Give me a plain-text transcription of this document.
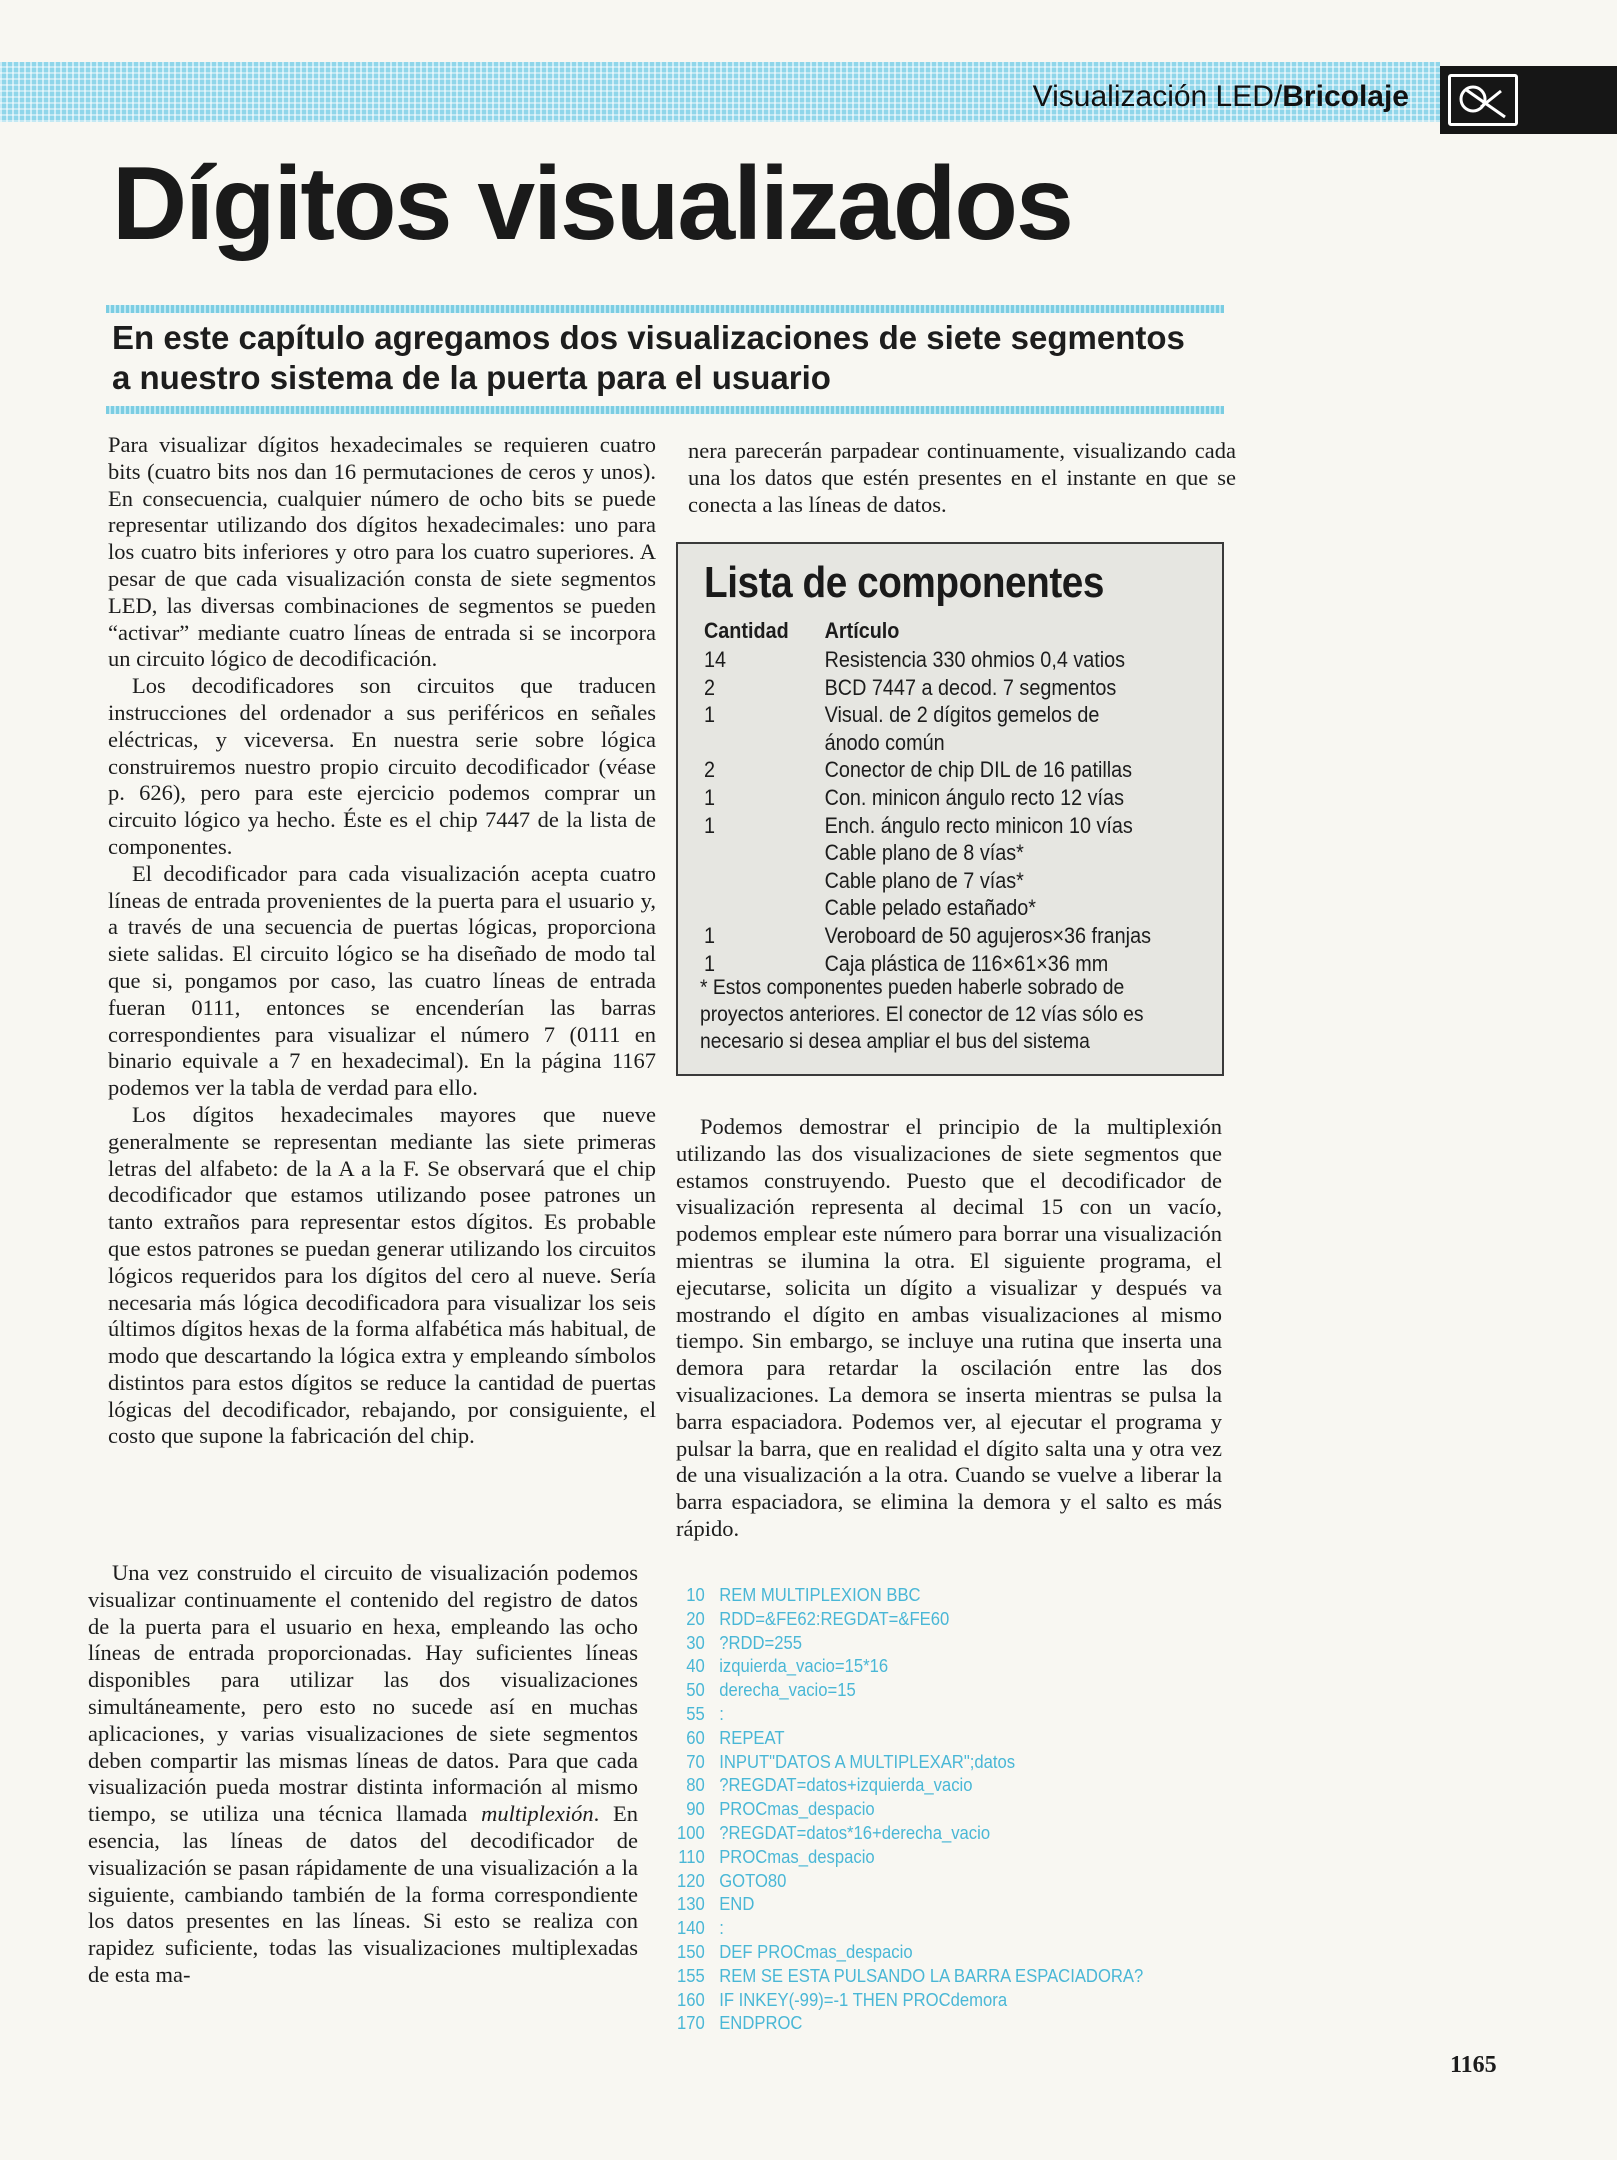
Visualización LED/Bricolaje
Dígitos visualizados
En este capítulo agregamos dos visualizaciones de siete segmentos a nuestro sistema de la puerta para el usuario

Para visualizar dígitos hexadecimales se requieren cuatro bits (cuatro bits nos dan 16 permutaciones de ceros y unos). En consecuencia, cualquier número de ocho bits se puede representar utilizando dos dígitos hexadecimales: uno para los cuatro bits inferiores y otro para los cuatro superiores. A pesar de que cada visualización consta de siete segmentos LED, las diversas combinaciones de segmentos se pueden “activar” mediante cuatro líneas de entrada si se incorpora un circuito lógico de decodificación.

Los decodificadores son circuitos que traducen instrucciones del ordenador a sus periféricos en señales eléctricas, y viceversa. En nuestra serie sobre lógica construiremos nuestro propio circuito decodificador (véase p. 626), pero para este ejercicio podemos comprar un circuito lógico ya hecho. Éste es el chip 7447 de la lista de componentes.

El decodificador para cada visualización acepta cuatro líneas de entrada provenientes de la puerta para el usuario y, a través de una secuencia de puertas lógicas, proporciona siete salidas. El circuito lógico se ha diseñado de modo tal que si, pongamos por caso, las cuatro líneas de entrada fueran 0111, entonces se encenderían las barras correspondientes para visualizar el número 7 (0111 en binario equivale a 7 en hexadecimal). En la página 1167 podemos ver la tabla de verdad para ello.

Los dígitos hexadecimales mayores que nueve generalmente se representan mediante las siete primeras letras del alfabeto: de la A a la F. Se observará que el chip decodificador que estamos utilizando posee patrones un tanto extraños para representar estos dígitos. Es probable que estos patrones se puedan generar utilizando los circuitos lógicos requeridos para los dígitos del cero al nueve. Sería necesaria más lógica decodificadora para visualizar los seis últimos dígitos hexas de la forma alfabética más habitual, de modo que descartando la lógica extra y empleando símbolos distintos para estos dígitos se reduce la cantidad de puertas lógicas del decodificador, rebajando, por consiguiente, el costo que supone la fabricación del chip.

Una vez construido el circuito de visualización podemos visualizar continuamente el contenido del registro de datos de la puerta para el usuario en hexa, empleando las ocho líneas de entrada proporcionadas. Hay suficientes líneas disponibles para utilizar las dos visualizaciones simultáneamente, pero esto no sucede así en muchas aplicaciones, y varias visualizaciones de siete segmentos deben compartir las mismas líneas de datos. Para que cada visualización pueda mostrar distinta información al mismo tiempo, se utiliza una técnica llamada multiplexión. En esencia, las líneas de datos del decodificador de visualización se pasan rápidamente de una visualización a la siguiente, cambiando también de la forma correspondiente los datos presentes en las líneas. Si esto se realiza con rapidez suficiente, todas las visualizaciones multiplexadas de esta ma-

nera parecerán parpadear continuamente, visualizando cada una los datos que estén presentes en el instante en que se conecta a las líneas de datos.

Lista de componentes
Cantidad Artículo
14	Resistencia 330 ohmios 0,4 vatios
2	BCD 7447 a decod. 7 segmentos
1	Visual. de 2 dígitos gemelos de
ánodo común
2	Conector de chip DIL de 16 patillas
1	Con. minicon ángulo recto 12 vías
1	Ench. ángulo recto minicon 10 vías
Cable plano de 8 vías*
Cable plano de 7 vías*
Cable pelado estañado*
1	Veroboard de 50 agujeros×36 franjas
1	Caja plástica de 116×61×36 mm
* Estos componentes pueden haberle sobrado de proyectos anteriores. El conector de 12 vías sólo es necesario si desea ampliar el bus del sistema

Podemos demostrar el principio de la multiplexión utilizando las dos visualizaciones de siete segmentos que estamos construyendo. Puesto que el decodificador de visualización representa al decimal 15 con un vacío, podemos emplear este número para borrar una visualización mientras se ilumina la otra. El siguiente programa, el ejecutarse, solicita un dígito a visualizar y después va mostrando el dígito en ambas visualizaciones al mismo tiempo. Sin embargo, se incluye una rutina que inserta una demora para retardar la oscilación entre las dos visualizaciones. La demora se inserta mientras se pulsa la barra espaciadora. Podemos ver, al ejecutar el programa y pulsar la barra, que en realidad el dígito salta una y otra vez de una visualización a la otra. Cuando se vuelve a liberar la barra espaciadora, se elimina la demora y el salto es más rápido.

10 REM MULTIPLEXION BBC
20 RDD=&FE62:REGDAT=&FE60
30 ?RDD=255
40 izquierda_vacio=15*16
50 derecha_vacio=15
55 :
60 REPEAT
70 INPUT"DATOS A MULTIPLEXAR";datos
80 ?REGDAT=datos+izquierda_vacio
90 PROCmas_despacio
100 ?REGDAT=datos*16+derecha_vacio
110 PROCmas_despacio
120 GOTO80
130 END
140 :
150 DEF PROCmas_despacio
155 REM SE ESTA PULSANDO LA BARRA ESPACIADORA?
160 IF INKEY(-99)=-1 THEN PROCdemora
170 ENDPROC
1165
